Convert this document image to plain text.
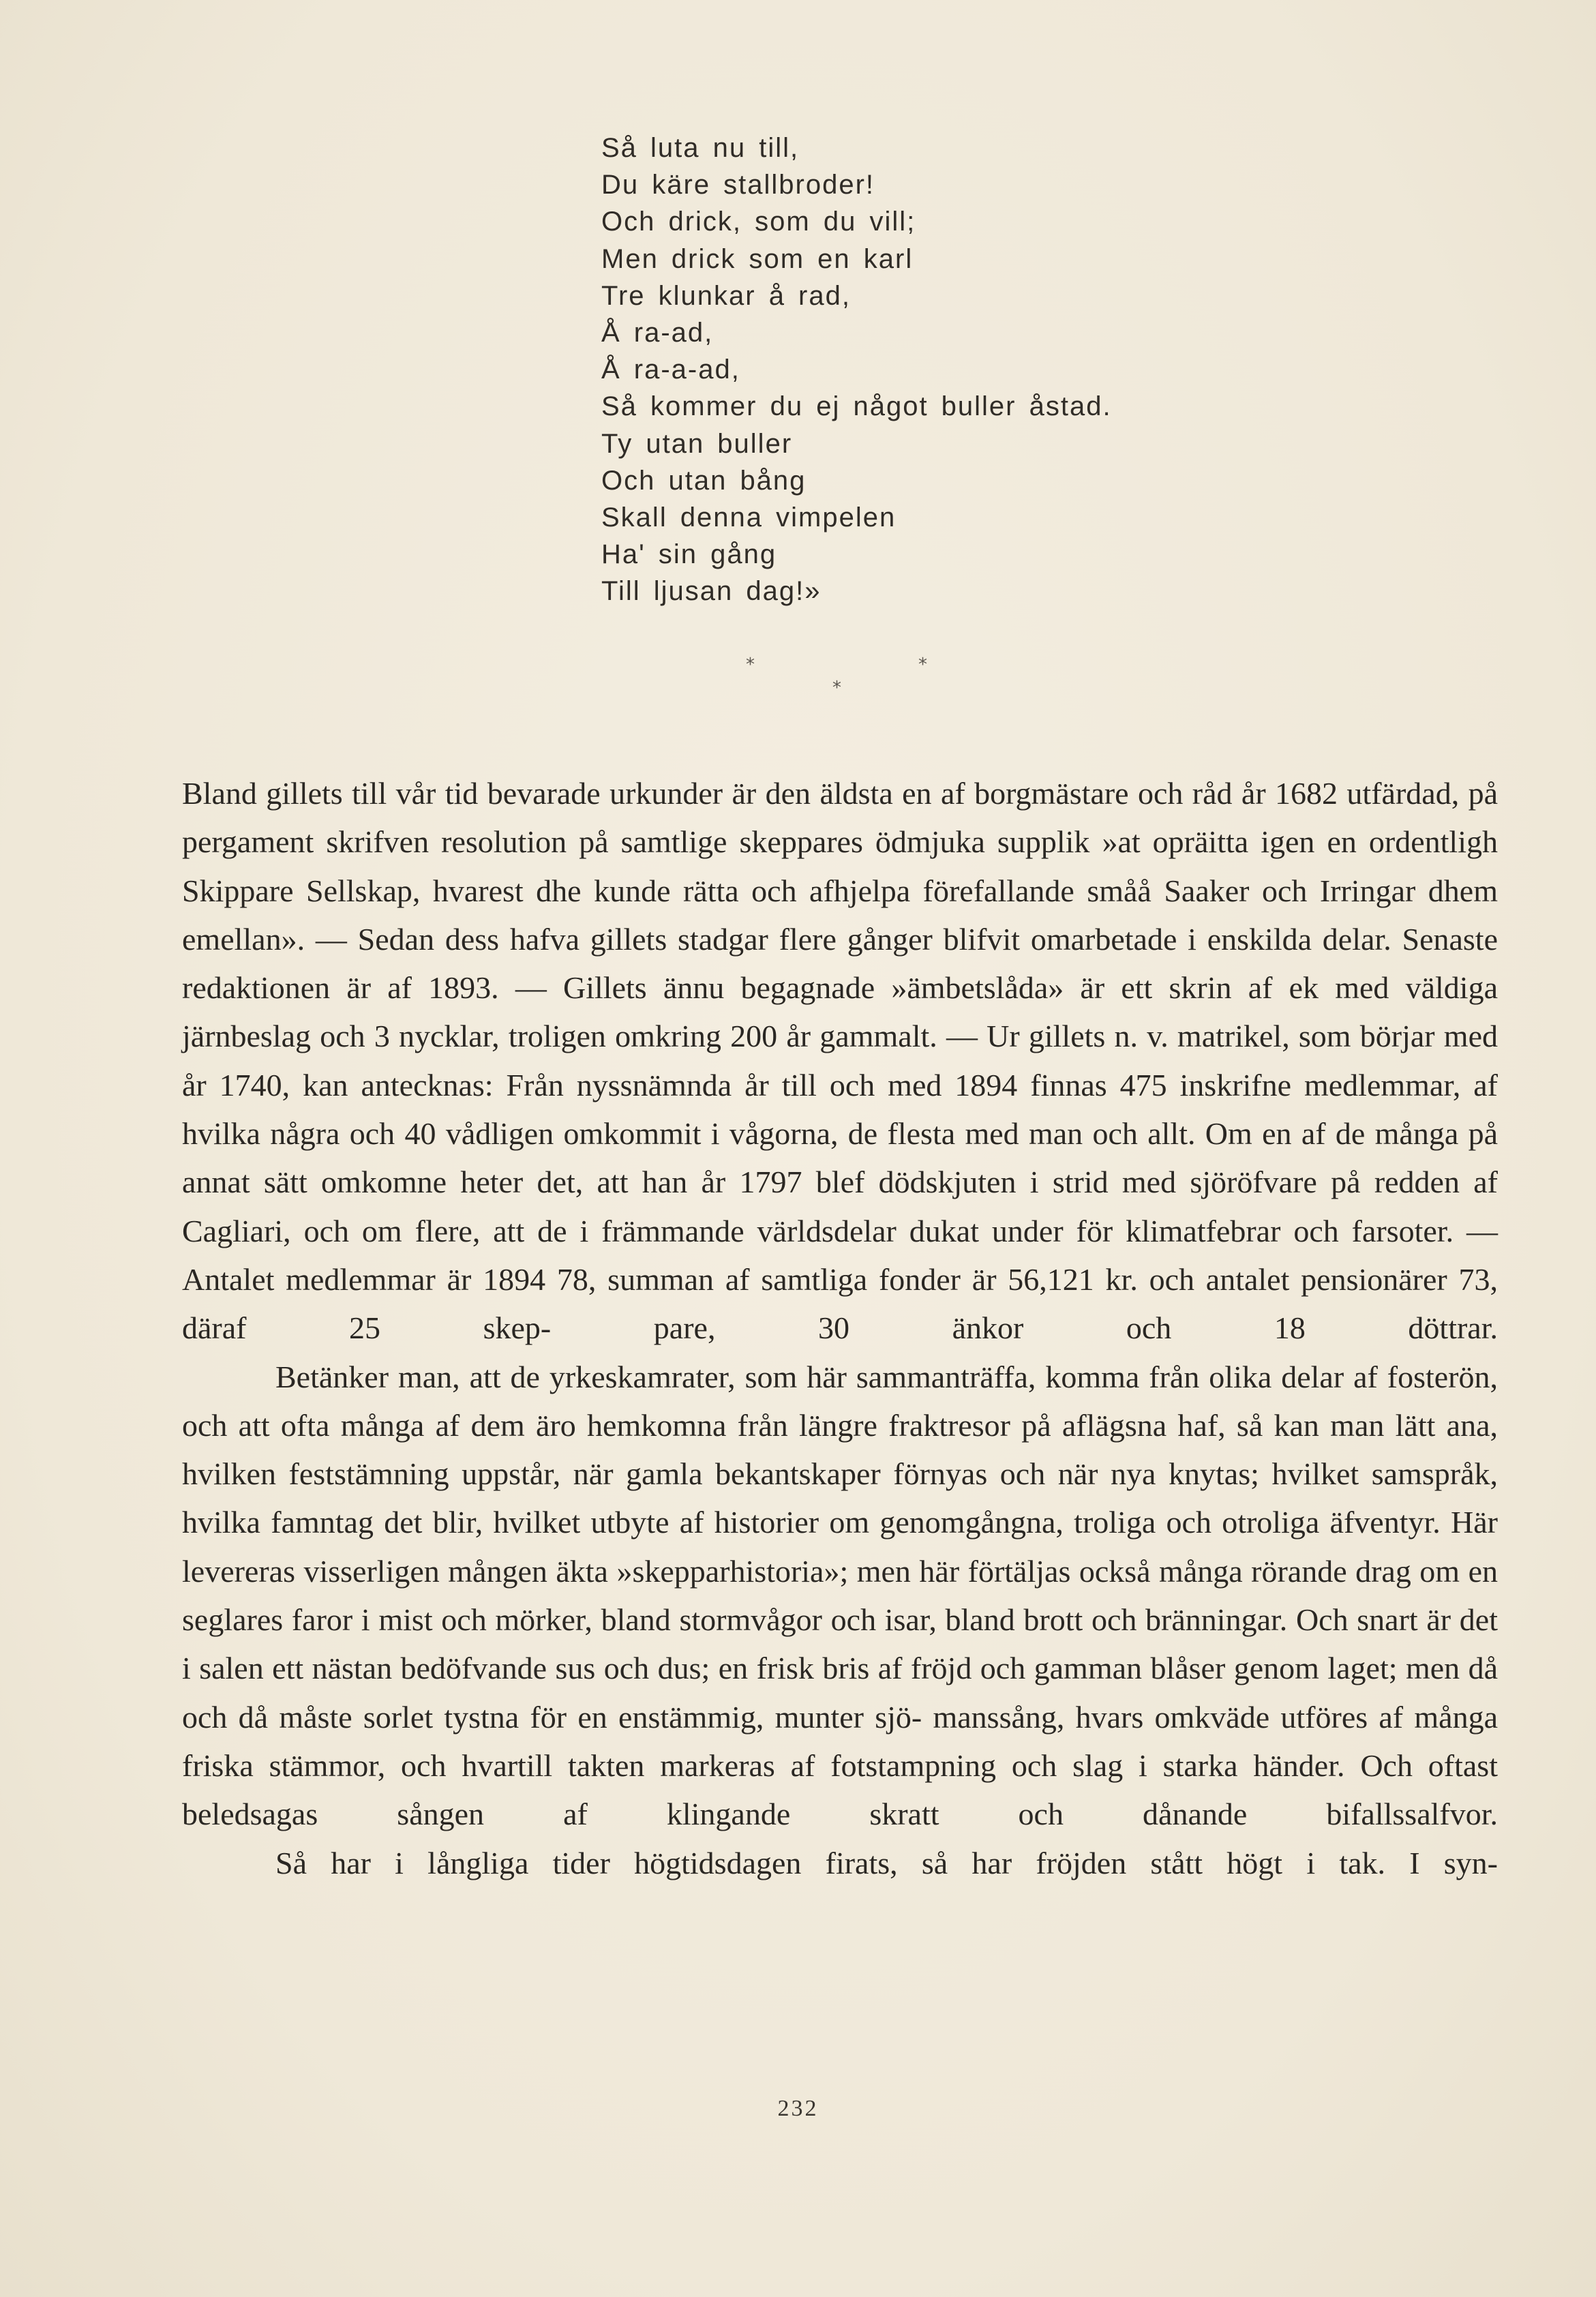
Så luta nu till,
Du käre stallbroder!
Och drick, som du vill;
Men drick som en karl
Tre klunkar å rad,
Å ra-ad,
Å ra-a-ad,
Så kommer du ej något buller åstad.
Ty utan buller
Och utan bång
Skall denna vimpelen
Ha' sin gång
Till ljusan dag!»
*	*
*

Bland gillets till vår tid bevarade urkunder är den äldsta en af borgmästare och råd år 1682 utfärdad, på pergament skrifven resolution på samtlige skeppares ödmjuka supplik »at opräitta igen en ordentligh Skippare Sellskap, hvarest dhe kunde rätta och afhjelpa förefallande småå Saaker och Irringar dhem emellan». — Sedan dess hafva gillets stadgar flere gånger blifvit omarbetade i enskilda delar. Senaste redaktionen är af 1893. — Gillets ännu begagnade »ämbetslåda» är ett skrin af ek med väldiga järnbeslag och 3 nycklar, troligen omkring 200 år gammalt. — Ur gillets n. v. matrikel, som börjar med år 1740, kan antecknas: Från nyssnämnda år till och med 1894 finnas 475 inskrifne medlemmar, af hvilka några och 40 vådligen omkommit i vågorna, de flesta med man och allt. Om en af de många på annat sätt omkomne heter det, att han år 1797 blef dödskjuten i strid med sjöröfvare på redden af Cagliari, och om flere, att de i främmande världsdelar dukat under för klimatfebrar och farsoter. — Antalet medlemmar är 1894 78, summan af samtliga fonder är 56,121 kr. och antalet pensionärer 73, däraf 25 skep- pare, 30 änkor och 18 döttrar.

Betänker man, att de yrkeskamrater, som här sammanträffa, komma från olika delar af fosterön, och att ofta många af dem äro hemkomna från längre fraktresor på aflägsna haf, så kan man lätt ana, hvilken feststämning uppstår, när gamla bekantskaper förnyas och när nya knytas; hvilket samspråk, hvilka famntag det blir, hvilket utbyte af historier om genomgångna, troliga och otroliga äfventyr. Här levereras visserligen mången äkta »skepparhistoria»; men här förtäljas också många rörande drag om en seglares faror i mist och mörker, bland stormvågor och isar, bland brott och bränningar. Och snart är det i salen ett nästan bedöfvande sus och dus; en frisk bris af fröjd och gamman blåser genom laget; men då och då måste sorlet tystna för en enstämmig, munter sjö- manssång, hvars omkväde utföres af många friska stämmor, och hvartill takten markeras af fotstampning och slag i starka händer. Och oftast beledsagas sången af klingande skratt och dånande bifallssalfvor.

Så har i långliga tider högtidsdagen firats, så har fröjden stått högt i tak. I syn-

232
